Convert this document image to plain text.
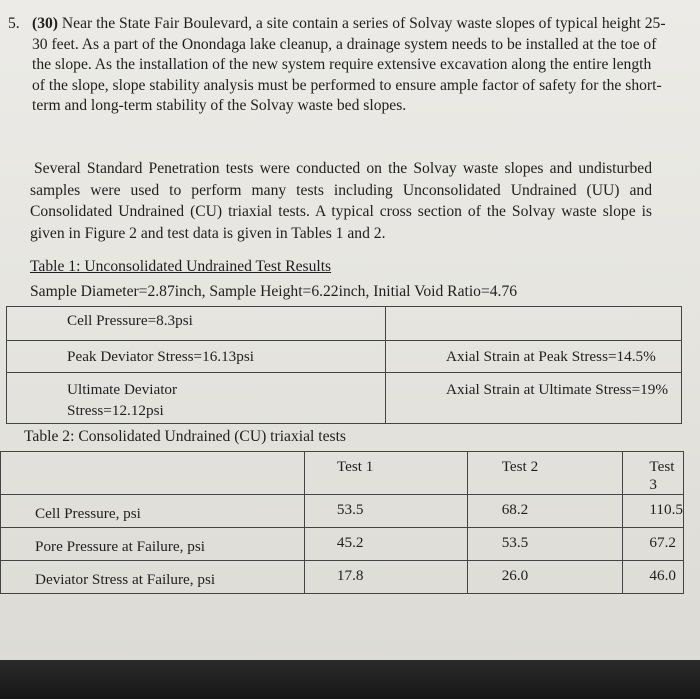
5. (30) Near the State Fair Boulevard, a site contain a series of Solvay waste slopes of typical height 25-30 feet. As a part of the Onondaga lake cleanup, a drainage system needs to be installed at the toe of the slope. As the installation of the new system require extensive excavation along the entire length of the slope, slope stability analysis must be performed to ensure ample factor of safety for the short-term and long-term stability of the Solvay waste bed slopes.
Several Standard Penetration tests were conducted on the Solvay waste slopes and undisturbed samples were used to perform many tests including Unconsolidated Undrained (UU) and Consolidated Undrained (CU) triaxial tests. A typical cross section of the Solvay waste slope is given in Figure 2 and test data is given in Tables 1 and 2.
Table 1: Unconsolidated Undrained Test Results
Sample Diameter=2.87inch, Sample Height=6.22inch, Initial Void Ratio=4.76
Cell Pressure=8.3psi	
Peak Deviator Stress=16.13psi	Axial Strain at Peak Stress=14.5%

Ultimate Deviator
Stress=12.12psi	Axial Strain at Ultimate Stress=19%
Table 2: Consolidated Undrained (CU) triaxial tests
	Test 1	Test 2	Test 3
Cell Pressure, psi	53.5	68.2	110.5
Pore Pressure at Failure, psi	45.2	53.5	67.2
Deviator Stress at Failure, psi	17.8	26.0	46.0
